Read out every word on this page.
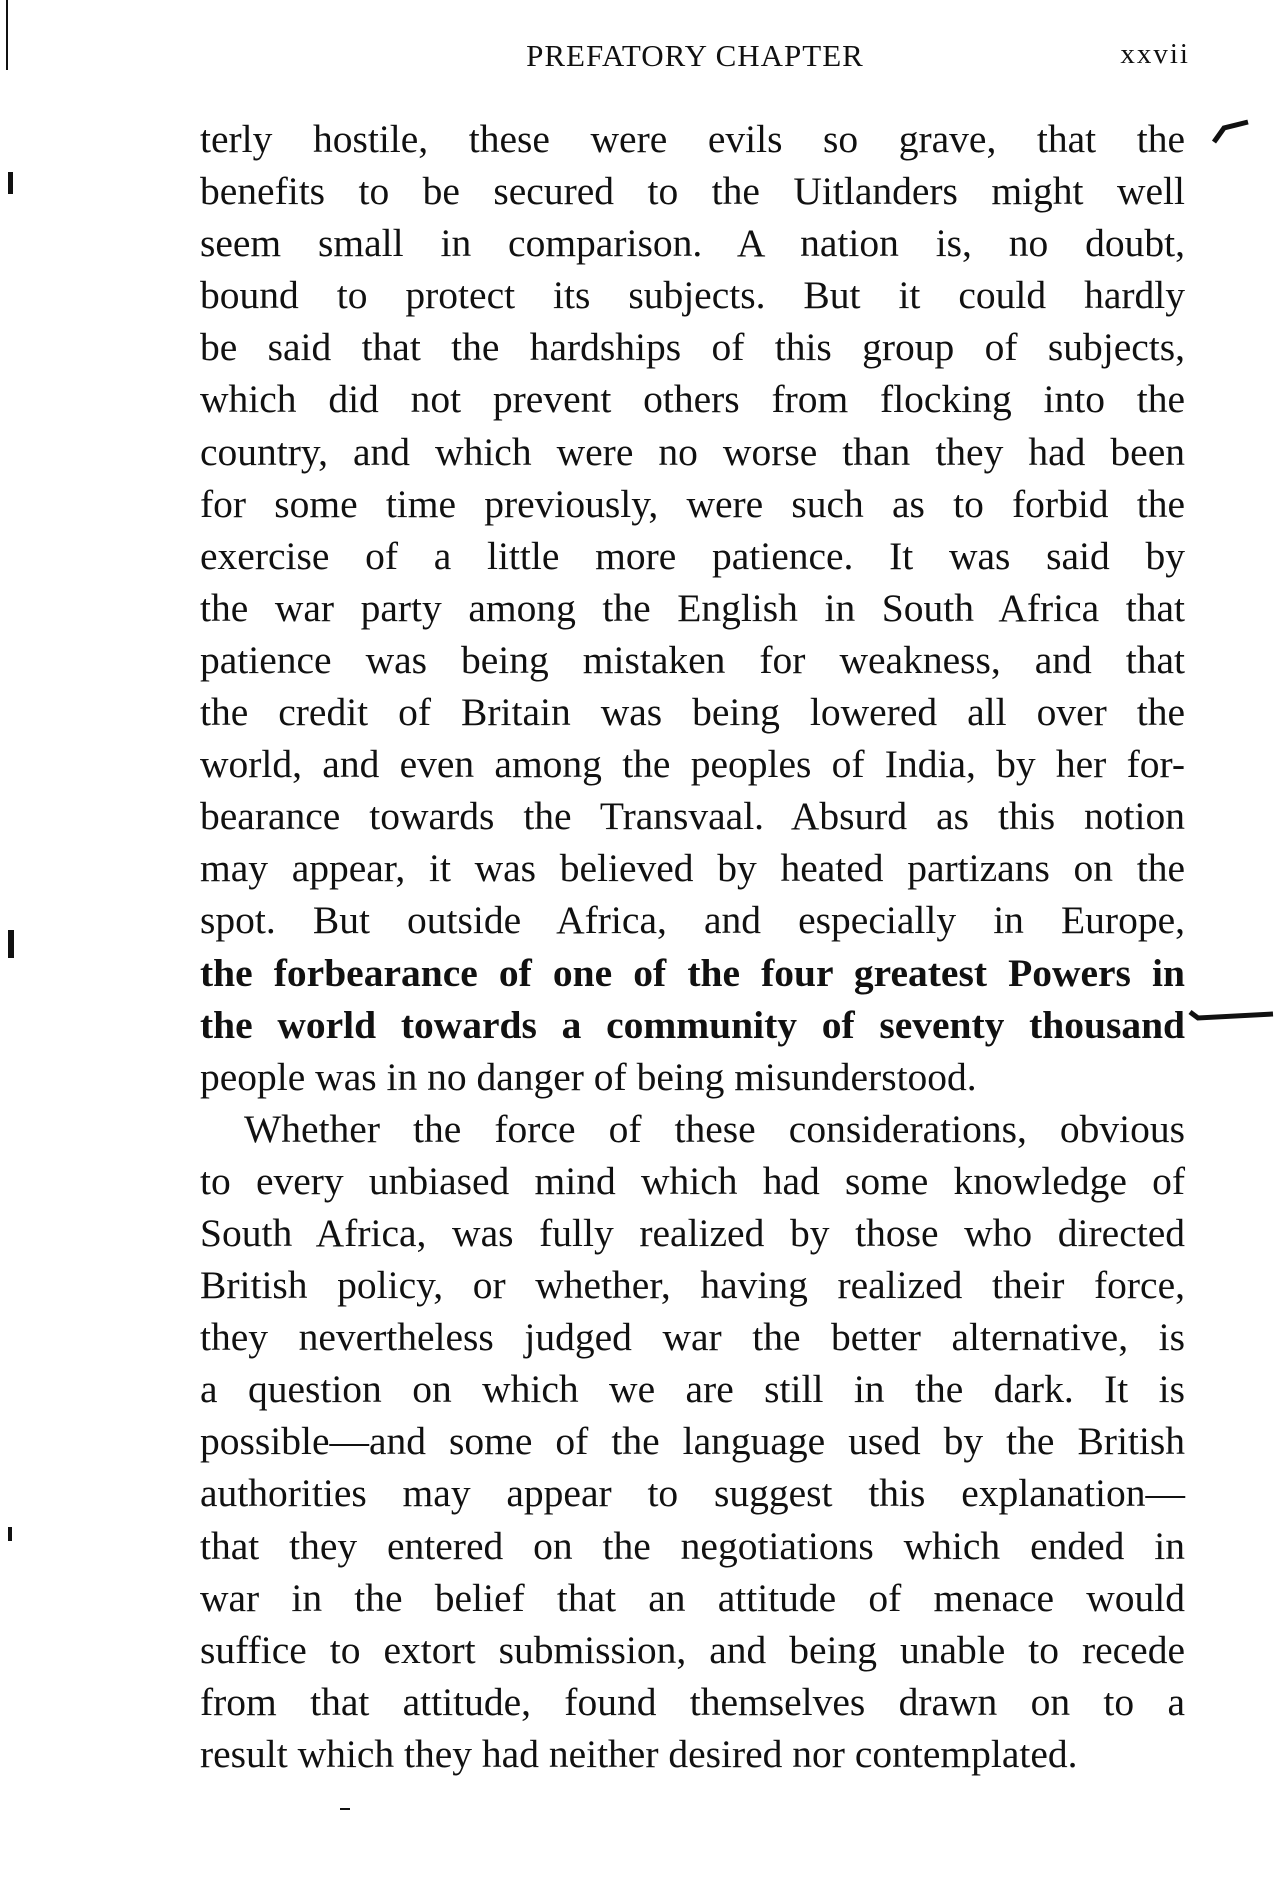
PREFATORY CHAPTER	xxvii
terly hostile, these were evils so grave, that the
benefits to be secured to the Uitlanders might well
seem small in comparison. A nation is, no doubt,
bound to protect its subjects. But it could hardly
be said that the hardships of this group of subjects,
which did not prevent others from flocking into the
country, and which were no worse than they had been
for some time previously, were such as to forbid the
exercise of a little more patience. It was said by
the war party among the English in South Africa that
patience was being mistaken for weakness, and that
the credit of Britain was being lowered all over the
world, and even among the peoples of India, by her for-
bearance towards the Transvaal. Absurd as this notion
may appear, it was believed by heated partizans on the
spot. But outside Africa, and especially in Europe,
the forbearance of one of the four greatest Powers in
the world towards a community of seventy thousand
people was in no danger of being misunderstood.
Whether the force of these considerations, obvious
to every unbiased mind which had some knowledge of
South Africa, was fully realized by those who directed
British policy, or whether, having realized their force,
they nevertheless judged war the better alternative, is
a question on which we are still in the dark. It is
possible—and some of the language used by the British
authorities may appear to suggest this explanation—
that they entered on the negotiations which ended in
war in the belief that an attitude of menace would
suffice to extort submission, and being unable to recede
from that attitude, found themselves drawn on to a
result which they had neither desired nor contemplated.
